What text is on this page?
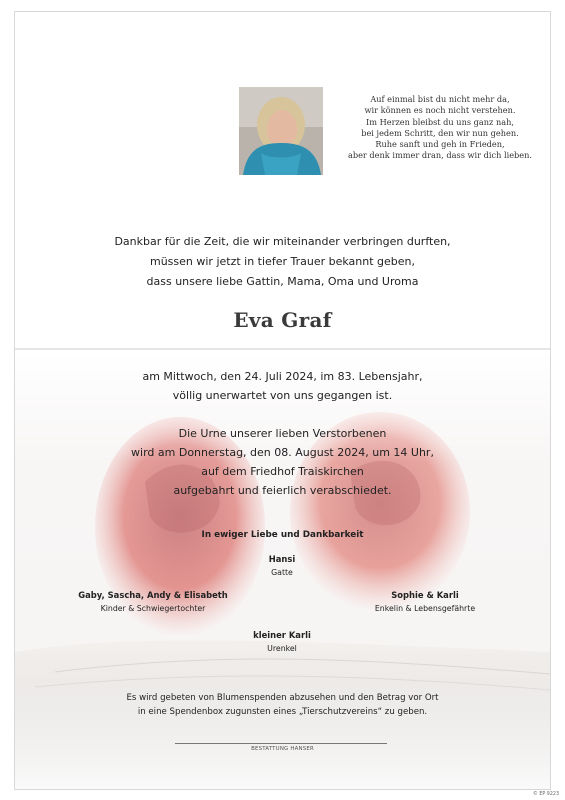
Auf einmal bist du nicht mehr da,
wir können es noch nicht verstehen.
Im Herzen bleibst du uns ganz nah,
bei jedem Schritt, den wir nun gehen.
Ruhe sanft und geh in Frieden,
aber denk immer dran, dass wir dich lieben.
Dankbar für die Zeit, die wir miteinander verbringen durften,
müssen wir jetzt in tiefer Trauer bekannt geben,
dass unsere liebe Gattin, Mama, Oma und Uroma
Eva Graf
am Mittwoch, den 24. Juli 2024, im 83. Lebensjahr,
völlig unerwartet von uns gegangen ist.
Die Urne unserer lieben Verstorbenen
wird am Donnerstag, den 08. August 2024, um 14 Uhr,
auf dem Friedhof Traiskirchen
aufgebahrt und feierlich verabschiedet.
In ewiger Liebe und Dankbarkeit
Hansi
Gatte
Gaby, Sascha, Andy & Elisabeth
Kinder & Schwiegertochter
Sophie & Karli
Enkelin & Lebensgefährte
kleiner Karli
Urenkel
Es wird gebeten von Blumenspenden abzusehen und den Betrag vor Ort
in eine Spendenbox zugunsten eines „Tierschutzvereins“ zu geben.
BESTATTUNG HANSER
© EP 9223
